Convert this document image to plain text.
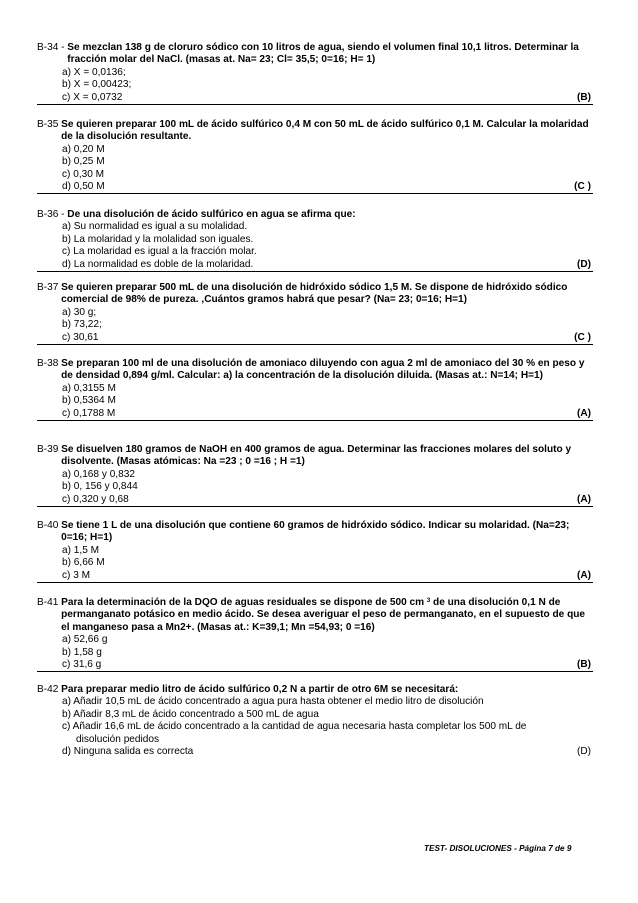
B-34 - Se mezclan 138 g de cloruro sódico con 10 litros de agua, siendo el volumen final 10,1 litros. Determinar la fracción molar del NaCl. (masas at. Na= 23; Cl= 35,5; 0=16; H= 1)
a) X = 0,0136;
b) X = 0,00423;
c) X = 0,0732	(B)
B-35 Se quieren preparar 100 mL de ácido sulfúrico 0,4 M con 50 mL de ácido sulfúrico 0,1 M. Calcular la molaridad de la disolución resultante.
a) 0,20 M
b) 0,25 M
c) 0,30 M
d) 0,50 M	(C )
B-36 - De una disolución de ácido sulfúrico en agua se afirma que:
a) Su normalidad es igual a su molalidad.
b) La molaridad y la molalidad son iguales.
c) La molaridad es igual a la fracción molar.
d) La normalidad es doble de la molaridad.	(D)
B-37 Se quieren preparar 500 mL de una disolución de hidróxido sódico 1,5 M. Se dispone de hidróxido sódico comercial de 98% de pureza. ,Cuántos gramos habrá que pesar? (Na= 23; 0=16; H=1)
a) 30 g;
b) 73,22;
c) 30,61	(C )
B-38 Se preparan 100 ml de una disolución de amoniaco diluyendo con agua 2 ml de amoniaco del 30 % en peso y de densidad 0,894 g/ml. Calcular: a) la concentración de la disolución diluida. (Masas at.: N=14; H=1)
a) 0,3155 M
b) 0,5364 M
c) 0,1788 M	(A)
B-39 Se disuelven 180 gramos de NaOH en 400 gramos de agua. Determinar las fracciones molares del soluto y disolvente. (Masas atómicas: Na =23 ; 0 =16 ; H =1)
a) 0,168 y 0,832
b) 0, 156 y 0,844
c) 0,320 y 0,68	(A)
B-40 Se tiene 1 L de una disolución que contiene 60 gramos de hidróxido sódico. Indicar su molaridad. (Na=23; 0=16; H=1)
a) 1,5 M
b) 6,66 M
c) 3 M	(A)
B-41 Para la determinación de la DQO de aguas residuales se dispone de 500 cm $^3$ de una disolución 0,1 N de permanganato potásico en medio ácido. Se desea averiguar el peso de permanganato, en el supuesto de que el manganeso pasa a Mn2+. (Masas at.: K=39,1; Mn =54,93; 0 =16)
a) 52,66 g
b) 1,58 g
c) 31,6 g	(B)
B-42 Para preparar medio litro de ácido sulfúrico 0,2 N a partir de otro 6M se necesitará:
a) Añadir 10,5 mL de ácido concentrado a agua pura hasta obtener el medio litro de disolución
b) Añadir 8,3 mL de ácido concentrado a 500 mL de agua
c) Añadir 16,6 mL de ácido concentrado a la cantidad de agua necesaria hasta completar los 500 mL de
disolución pedidos
d) Ninguna salida es correcta	(D)
TEST- DISOLUCIONES - Página 7 de 9
